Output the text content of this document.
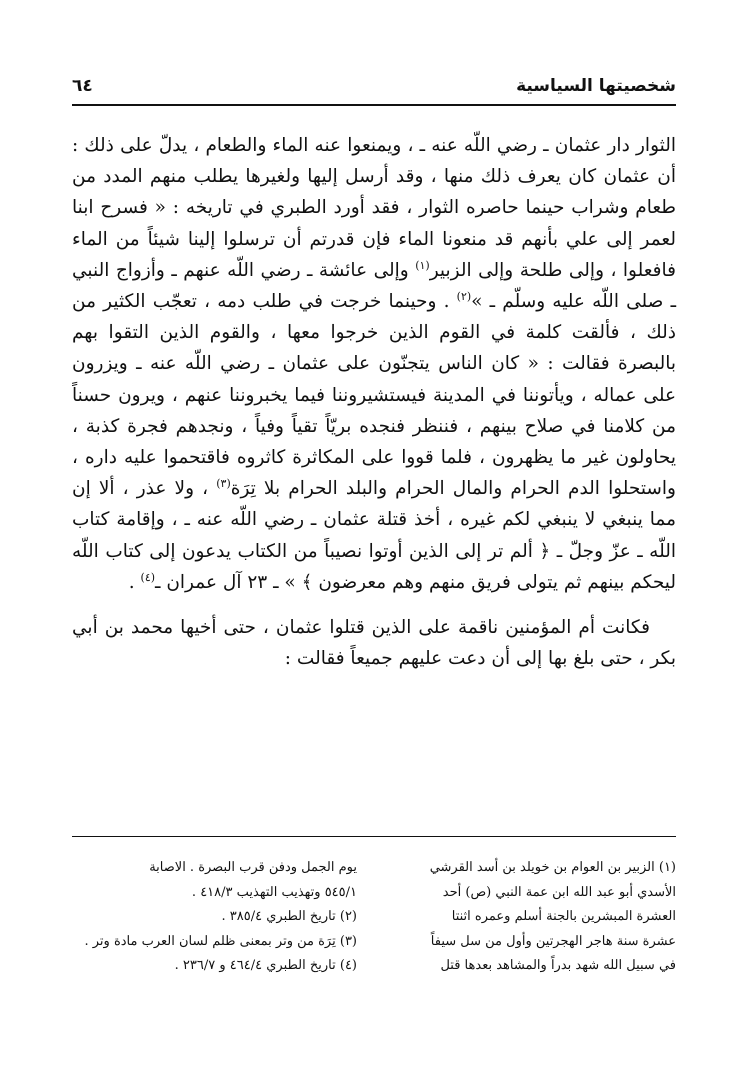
شخصيتها السياسية
٦٤

الثوار دار عثمان ـ رضي اللّه عنه ـ ، ويمنعوا عنه الماء والطعام ، يدلّ على ذلك : أن عثمان كان يعرف ذلك منها ، وقد أرسل إليها ولغيرها يطلب منهم المدد من طعام وشراب حينما حاصره الثوار ، فقد أورد الطبري في تاريخه : « فسرح ابنا لعمر إلى علي بأنهم قد منعونا الماء فإن قدرتم أن ترسلوا إلينا شيئاً من الماء فافعلوا ، وإلى طلحة وإلى الزبير$^{(١)}$ وإلى عائشة ـ رضي اللّه عنهم ـ وأزواج النبي ـ صلى اللّه عليه وسلّم ـ »$^{(٢)}$ . وحينما خرجت في طلب دمه ، تعجّب الكثير من ذلك ، فألقت كلمة في القوم الذين خرجوا معها ، والقوم الذين التقوا بهم بالبصرة فقالت : « كان الناس يتجنّون على عثمان ـ رضي اللّه عنه ـ ويزرون على عماله ، ويأتوننا في المدينة فيستشيروننا فيما يخبروننا عنهم ، ويرون حسناً من كلامنا في صلاح بينهم ، فننظر فنجده بريّاً تقياً وفياً ، ونجدهم فجرة كذبة ، يحاولون غير ما يظهرون ، فلما قووا على المكاثرة كاثروه فاقتحموا عليه داره ، واستحلوا الدم الحرام والمال الحرام والبلد الحرام بلا تِرَة$^{(٣)}$ ، ولا عذر ، ألا إن مما ينبغي لا ينبغي لكم غيره ، أخذ قتلة عثمان ـ رضي اللّه عنه ـ ، وإقامة كتاب اللّه ـ عزّ وجلّ ـ ﴿ ألم تر إلى الذين أوتوا نصيباً من الكتاب يدعون إلى كتاب اللّه ليحكم بينهم ثم يتولى فريق منهم وهم معرضون ﴾ » ـ ٢٣ آل عمران ـ$^{(٤)}$ .

فكانت أم المؤمنين ناقمة على الذين قتلوا عثمان ، حتى أخيها محمد بن أبي بكر ، حتى بلغ بها إلى أن دعت عليهم جميعاً فقالت :

(١) الزبير بن العوام بن خويلد بن أسد القرشي

الأسدي أبو عبد الله ابن عمة النبي (ص) أحد

العشرة المبشرين بالجنة أسلم وعمره اثنتا

عشرة سنة هاجر الهجرتين وأول من سل سيفاً

في سبيل الله شهد بدراً والمشاهد بعدها قتل

يوم الجمل ودفن قرب البصرة . الاصابة

٥٤٥/١ وتهذيب التهذيب ٤١٨/٣ .

(٢) تاريخ الطبري ٣٨٥/٤ .

(٣) تِرَة من وتر بمعنى ظلم لسان العرب مادة وتر .

(٤) تاريخ الطبري ٤٦٤/٤ و ٢٣٦/٧ .
